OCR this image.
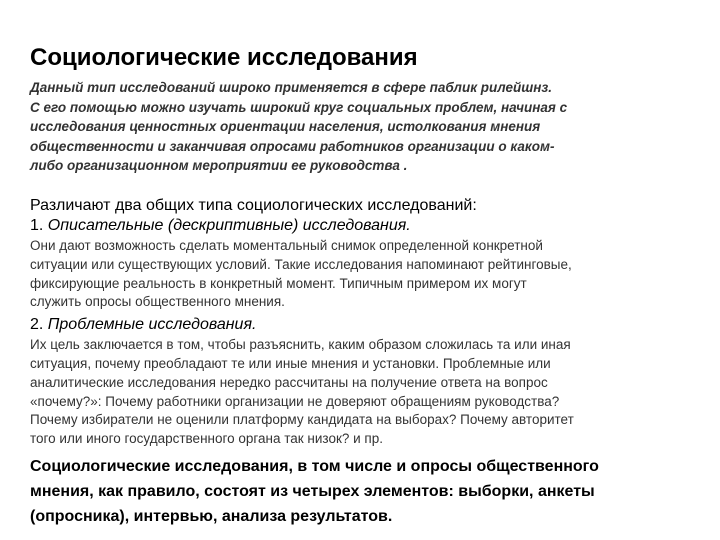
Социологические исследования

Данный тип исследований широко применяется в сфере паблик рилейшнз.
С его помощью можно изучать широкий круг социальных проблем, начиная с
исследования ценностных ориентации населения, истолкования мнения
общественности и заканчивая опросами работников организации о каком-
либо организационном мероприятии ее руководства .

Различают два общих типа социологических исследований:
1. Описательные (дескриптивные) исследования.

Они дают возможность сделать моментальный снимок определенной конкретной
ситуации или существующих условий. Такие исследования напоминают рейтинговые,
фиксирующие реальность в конкретный момент. Типичным примером их могут
служить опросы общественного мнения.

2. Проблемные исследования.

Их цель заключается в том, чтобы разъяснить, каким образом сложилась та или иная
ситуация, почему преобладают те или иные мнения и установки. Проблемные или
аналитические исследования нередко рассчитаны на получение ответа на вопрос
«почему?»: Почему работники организации не доверяют обращениям руководства?
Почему избиратели не оценили платформу кандидата на выборах? Почему авторитет
того или иного государственного органа так низок? и пр.

Социологические исследования, в том числе и опросы общественного
мнения, как правило, состоят из четырех элементов: выборки, анкеты
(опросника), интервью, анализа результатов.
